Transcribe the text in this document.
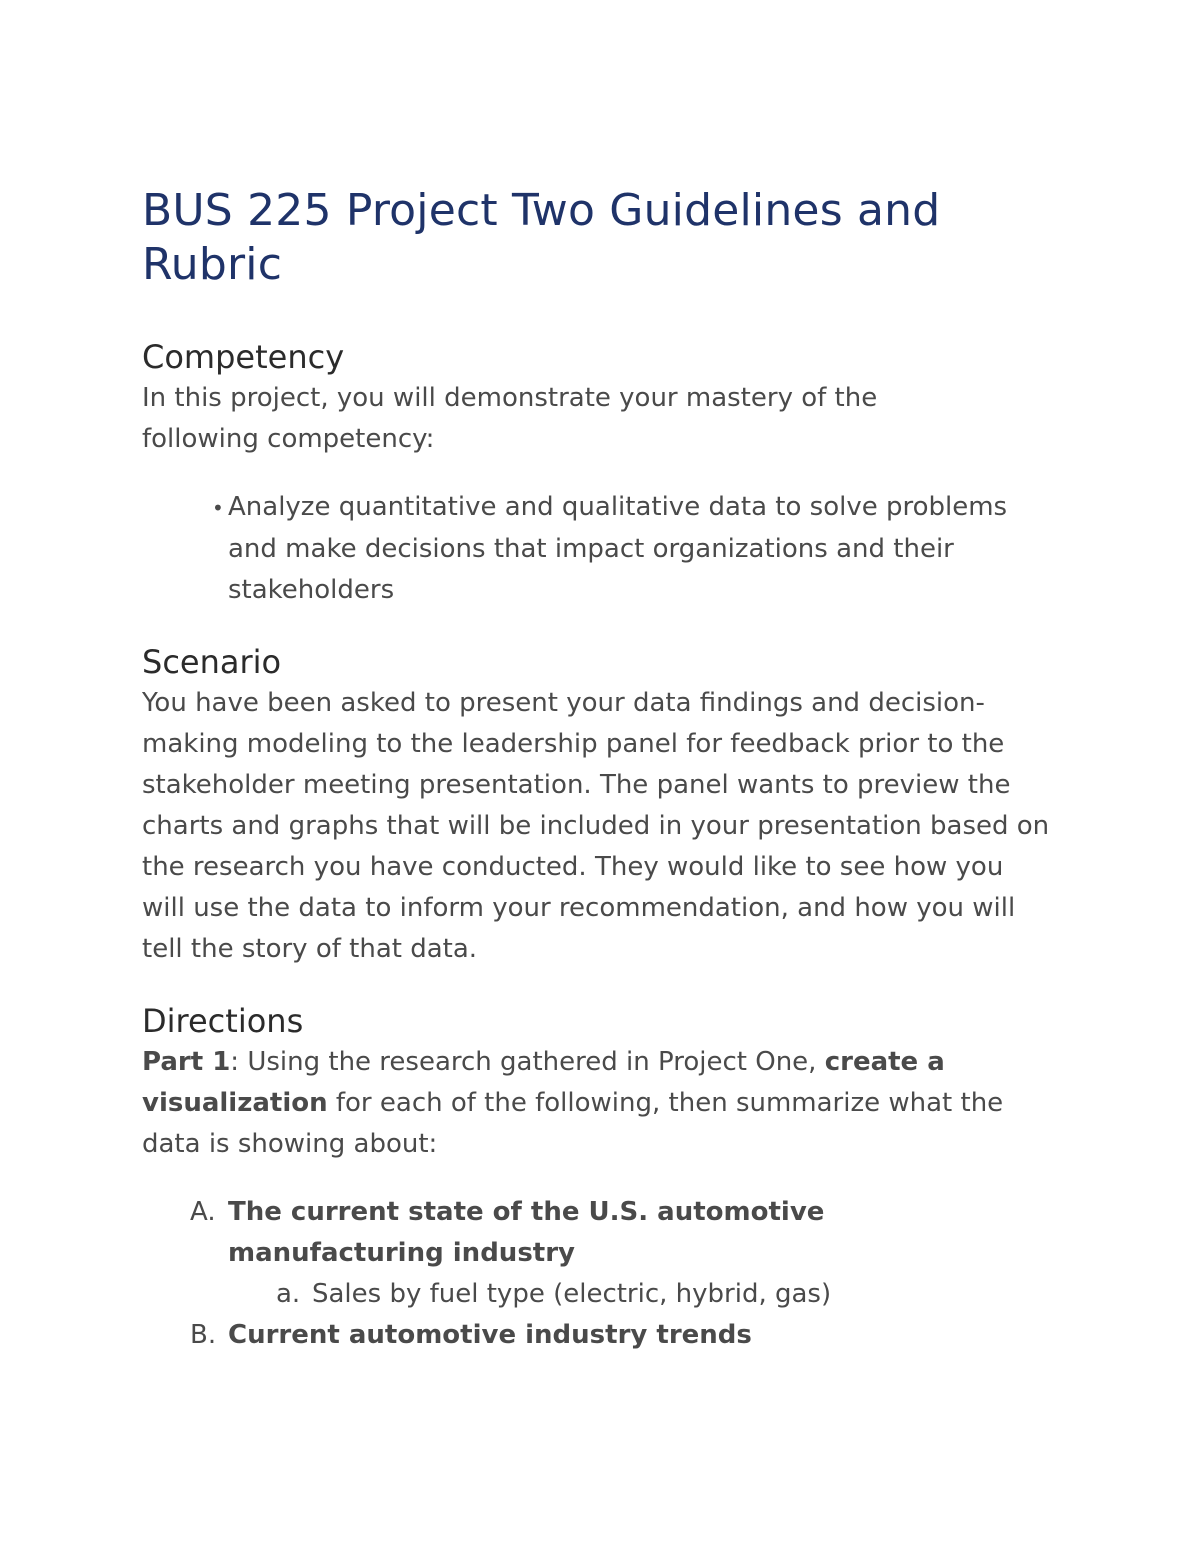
BUS 225 Project Two Guidelines and Rubric
Competency

In this project, you will demonstrate your mastery of the following competency:

• Analyze quantitative and qualitative data to solve problems and make decisions that impact organizations and their stakeholders
Scenario

You have been asked to present your data findings and decision-making modeling to the leadership panel for feedback prior to the stakeholder meeting presentation. The panel wants to preview the charts and graphs that will be included in your presentation based on the research you have conducted. They would like to see how you will use the data to inform your recommendation, and how you will tell the story of that data.

Directions

Part 1: Using the research gathered in Project One, create a visualization for each of the following, then summarize what the data is showing about:

A. The current state of the U.S. automotive manufacturing industry
a. Sales by fuel type (electric, hybrid, gas)
B. Current automotive industry trends
